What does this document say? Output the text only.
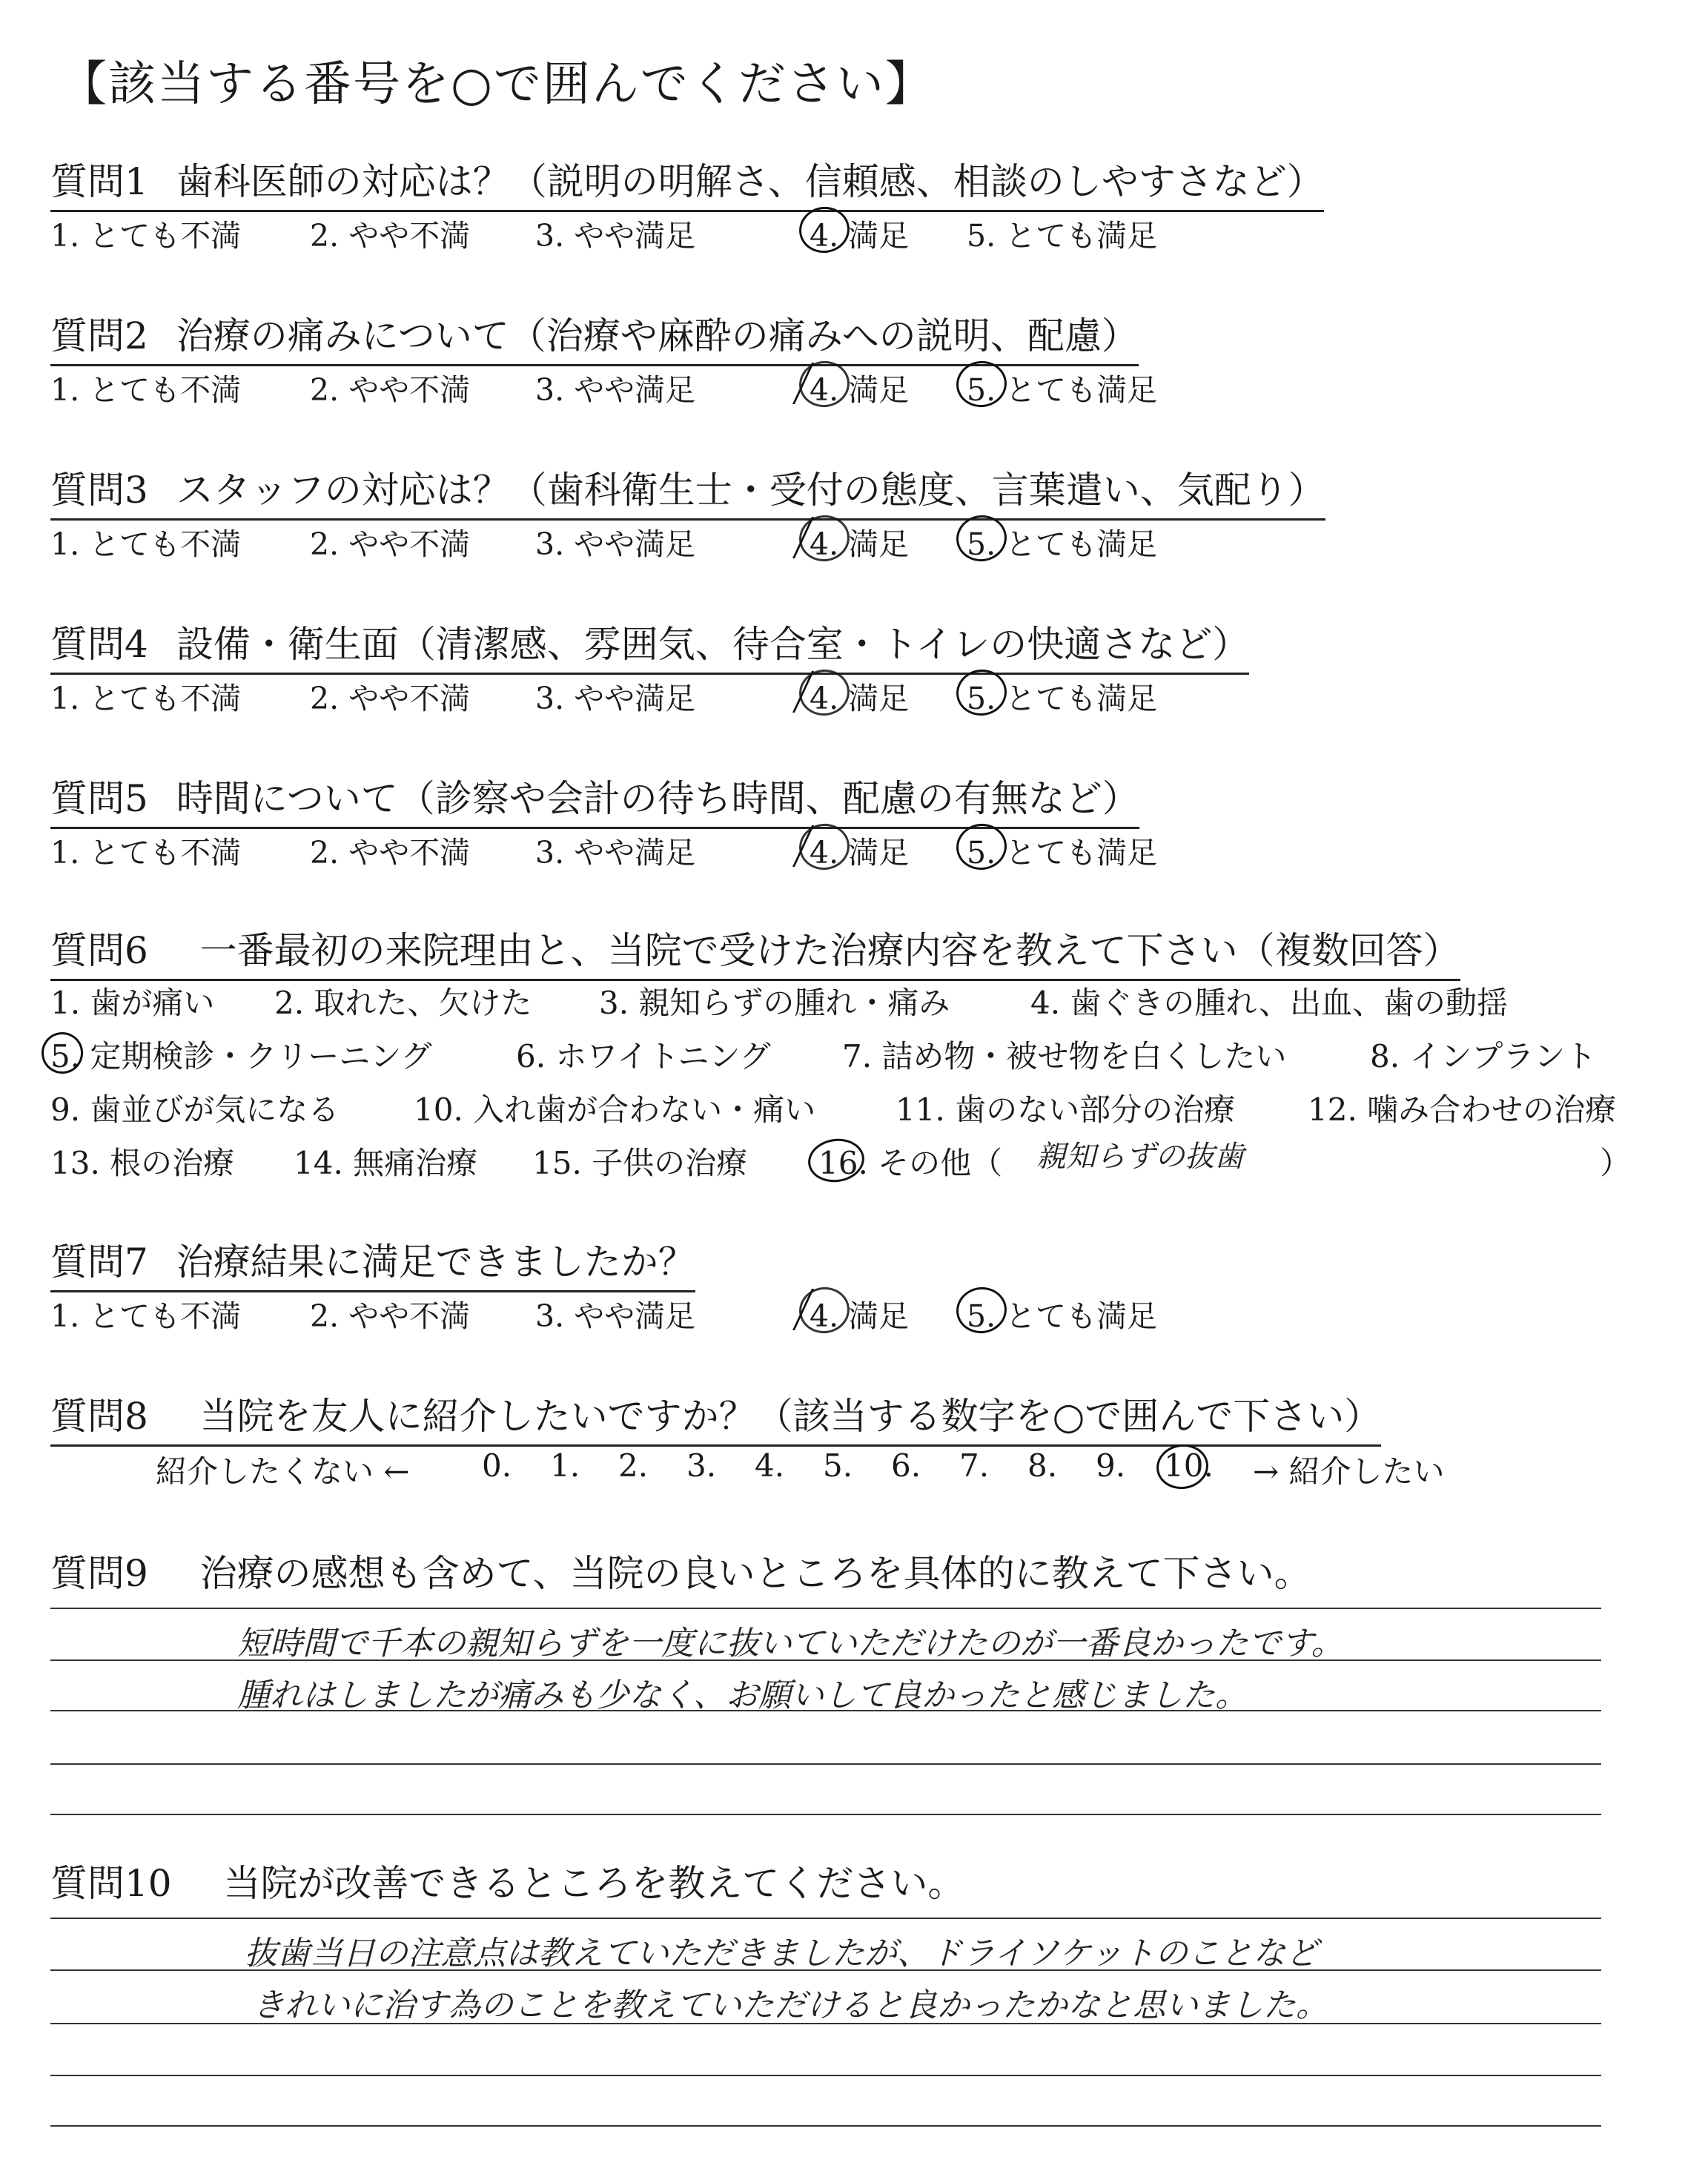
【該当する番号を○で囲んでください】
質問1 歯科医師の対応は？（説明の明解さ、信頼感、相談のしやすさなど）
1. とても不満 2. やや不満 3. やや満足	4. 満足 5. とても満足
質問2 治療の痛みについて（治療や麻酔の痛みへの説明、配慮）
1. とても不満 2. やや不満 3. やや満足	4. 満足 5. とても満足
質問3 スタッフの対応は？（歯科衛生士・受付の態度、言葉遣い、気配り）
1. とても不満 2. やや不満 3. やや満足	4. 満足 5. とても満足
質問4 設備・衛生面（清潔感、雰囲気、待合室・トイレの快適さなど）
1. とても不満 2. やや不満 3. やや満足	4. 満足 5. とても満足
質問5 時間について（診察や会計の待ち時間、配慮の有無など）
1. とても不満 2. やや不満 3. やや満足	4. 満足 5. とても満足
質問6 一番最初の来院理由と、当院で受けた治療内容を教えて下さい（複数回答）
1. 歯が痛い 2. 取れた、欠けた 3. 親知らずの腫れ・痛み	4. 歯ぐきの腫れ、出血、歯の動揺
5. 定期検診・クリーニング	6. ホワイトニング 7. 詰め物・被せ物を白くしたい	8. インプラント
9. 歯並びが気になる 10. 入れ歯が合わない・痛い	11. 歯のない部分の治療 12. 噛み合わせの治療
13. 根の治療 14. 無痛治療 15. 子供の治療 16. その他（ 親知らずの抜歯	）
質問7 治療結果に満足できましたか？
1. とても不満 2. やや不満 3. やや満足	4. 満足 5. とても満足
質問8 当院を友人に紹介したいですか？（該当する数字を○で囲んで下さい）
紹介したくない ← 0. 1. 2. 3. 4. 5. 6. 7. 8. 9. 10. → 紹介したい
質問9 治療の感想も含めて、当院の良いところを具体的に教えて下さい。
短時間で千本の親知らずを一度に抜いていただけたのが一番良かったです。
腫れはしましたが痛みも少なく、お願いして良かったと感じました。
質問10 当院が改善できるところを教えてください。
抜歯当日の注意点は教えていただきましたが、ドライソケットのことなど
きれいに治す為のことを教えていただけると良かったかなと思いました。
